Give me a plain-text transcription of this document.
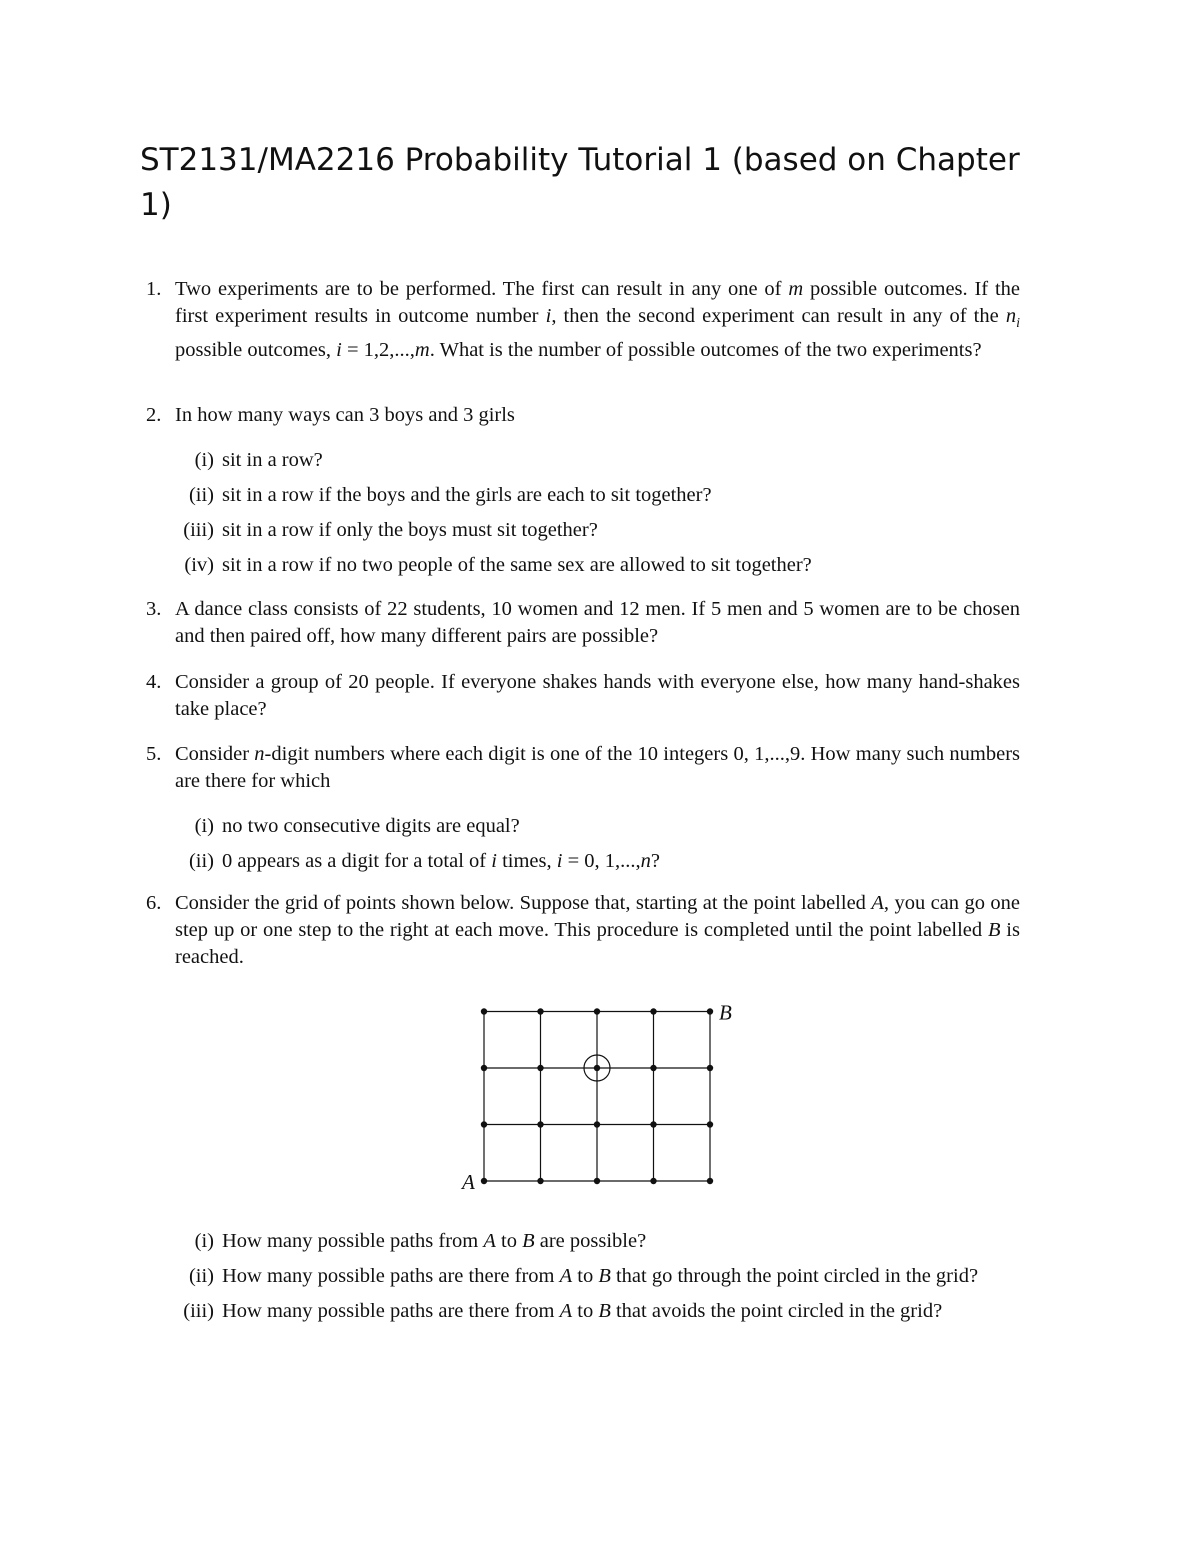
ST2131/MA2216 Probability Tutorial 1 (based on Chapter 1)
1. Two experiments are to be performed. The first can result in any one of m possible outcomes. If the first experiment results in outcome number i, then the second experiment can result in any of the $n_i$ possible outcomes, i = 1,2,...,m. What is the number of possible outcomes of the two experiments?
2. In how many ways can 3 boys and 3 girls
(i) sit in a row?
(ii) sit in a row if the boys and the girls are each to sit together?
(iii) sit in a row if only the boys must sit together?
(iv) sit in a row if no two people of the same sex are allowed to sit together?
3. A dance class consists of 22 students, 10 women and 12 men. If 5 men and 5 women are to be chosen and then paired off, how many different pairs are possible?
4. Consider a group of 20 people. If everyone shakes hands with everyone else, how many hand-shakes take place?
5. Consider n-digit numbers where each digit is one of the 10 integers 0, 1,...,9. How many such numbers are there for which
(i) no two consecutive digits are equal?
(ii) 0 appears as a digit for a total of i times, i = 0, 1,...,n?
6. Consider the grid of points shown below. Suppose that, starting at the point labelled A, you can go one step up or one step to the right at each move. This procedure is completed until the point labelled B is reached.
A
B
(i) How many possible paths from A to B are possible?
(ii) How many possible paths are there from A to B that go through the point circled in the grid?
(iii) How many possible paths are there from A to B that avoids the point circled in the grid?
